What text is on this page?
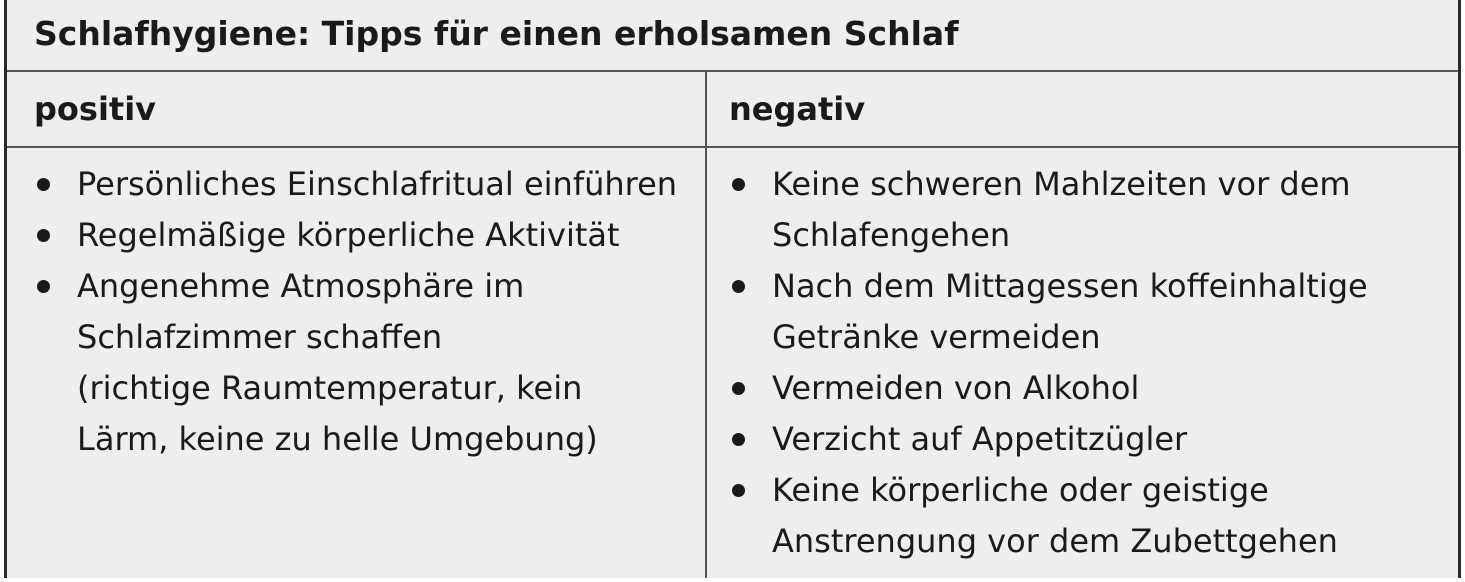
Schlafhygiene: Tipps für einen erholsamen Schlaf
positiv	negativ
Persönliches Einschlafritual einführen
Regelmäßige körperliche Aktivität
Angenehme Atmosphäre im
Schlafzimmer schaffen
(richtige Raumtemperatur, kein
Lärm, keine zu helle Umgebung)
Keine schweren Mahlzeiten vor dem
Schlafengehen
Nach dem Mittagessen koffeinhaltige
Getränke vermeiden
Vermeiden von Alkohol
Verzicht auf Appetitzügler
Keine körperliche oder geistige
Anstrengung vor dem Zubettgehen
